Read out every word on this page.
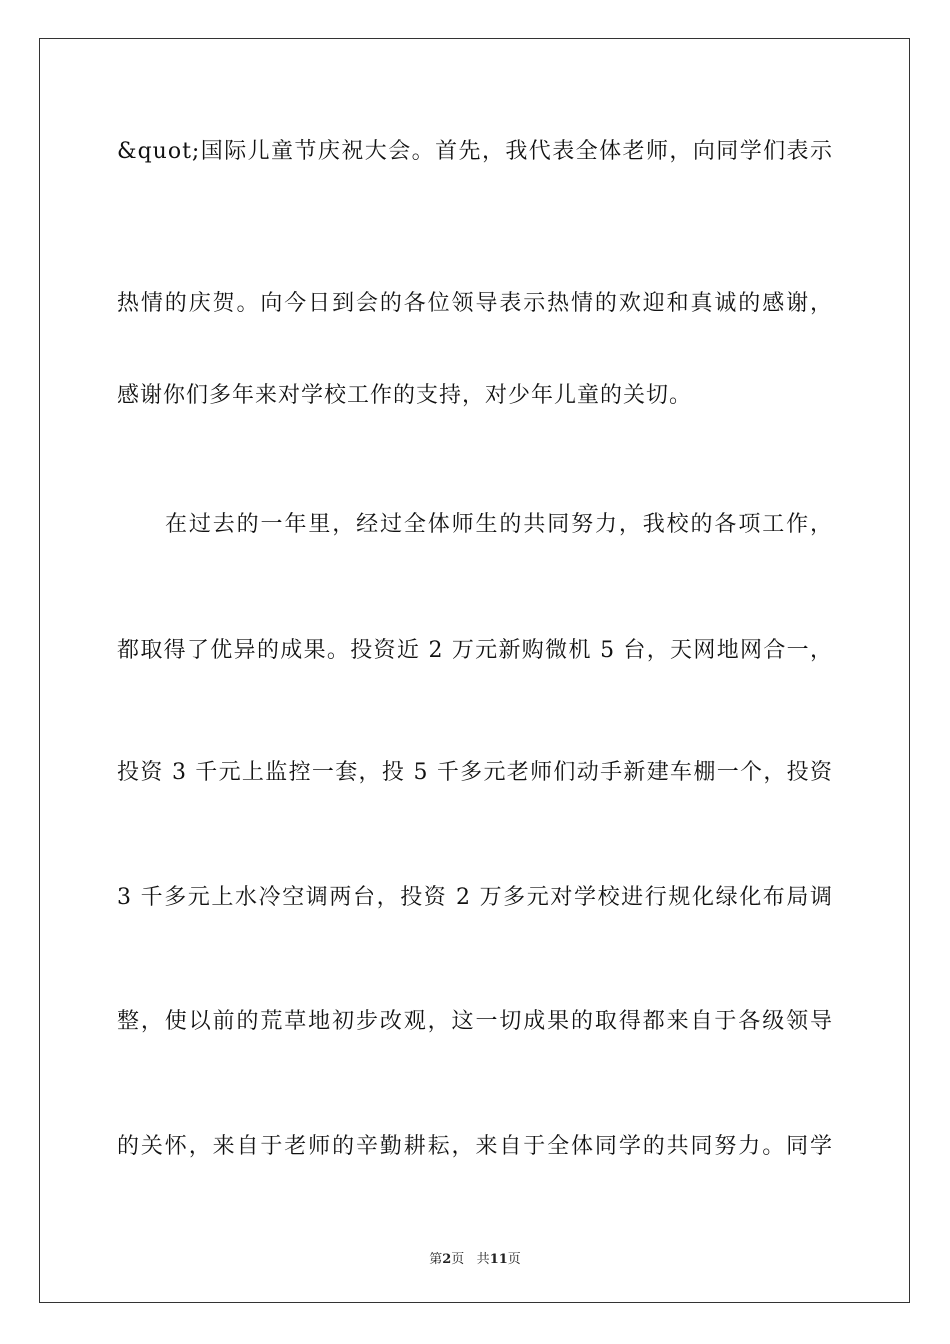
&quot;国际儿童节庆祝大会。首先，我代表全体老师，向同学们表示
热情的庆贺。向今日到会的各位领导表示热情的欢迎和真诚的感谢，
感谢你们多年来对学校工作的支持，对少年儿童的关切。
在过去的一年里，经过全体师生的共同努力，我校的各项工作，
都取得了优异的成果。投资近 2 万元新购微机 5 台，天网地网合一，
投资 3 千元上监控一套，投 5 千多元老师们动手新建车棚一个，投资
3 千多元上水冷空调两台，投资 2 万多元对学校进行规化绿化布局调
整，使以前的荒草地初步改观，这一切成果的取得都来自于各级领导
的关怀，来自于老师的辛勤耕耘，来自于全体同学的共同努力。同学
第2页 共11页
